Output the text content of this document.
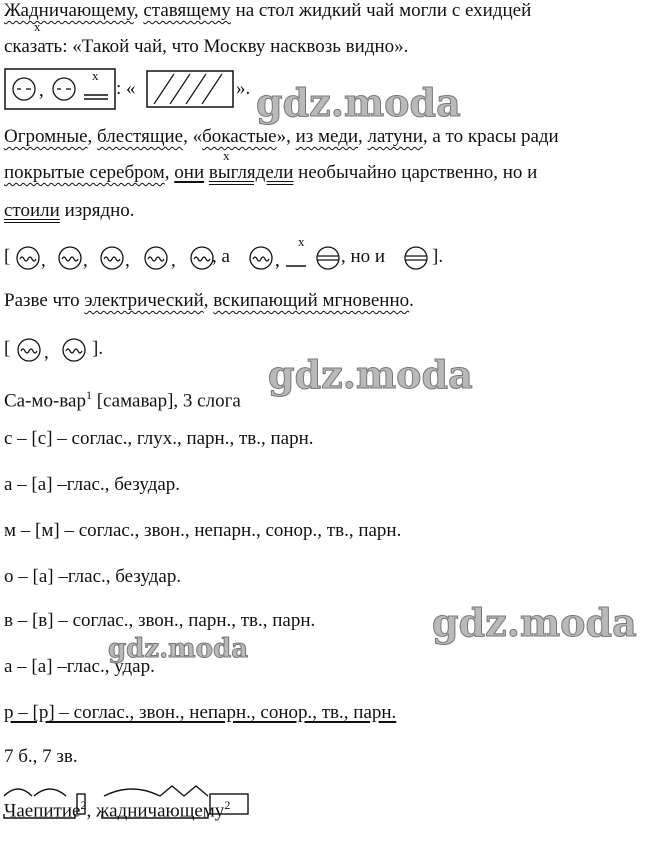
x
Жадничающему, ставящему на стол жидкий чай могли с ехидцей
сказать: «Такой чай, что Москву насквозь видно».
,
x
: «	». gdz.moda
Огромные, блестящие, «бокастые», из меди, латуни, а то красы ради
x
покрытые серебром, они выглядели необычайно царственно, но и
стоили изрядно.
[ , , , , , а ,
x
, но и ].
Разве что электрический, вскипающий мгновенно.
[ , ].
gdz.moda
Са-мо-вар$^1$ [самавар], 3 слога
с – [с] – соглас., глух., парн., тв., парн.
а – [а] –глас., безудар.
м – [м] – соглас., звон., непарн., сонор., тв., парн.
о – [а] –глас., безудар.
в – [в] – соглас., звон., парн., тв., парн.
а – [а] –глас., удар.
р – [р] – соглас., звон., непарн., сонор., тв., парн.
7 б., 7 зв.
gdz.moda
gdz.moda
Чаепитие$^2$, жадничающему$^2$
